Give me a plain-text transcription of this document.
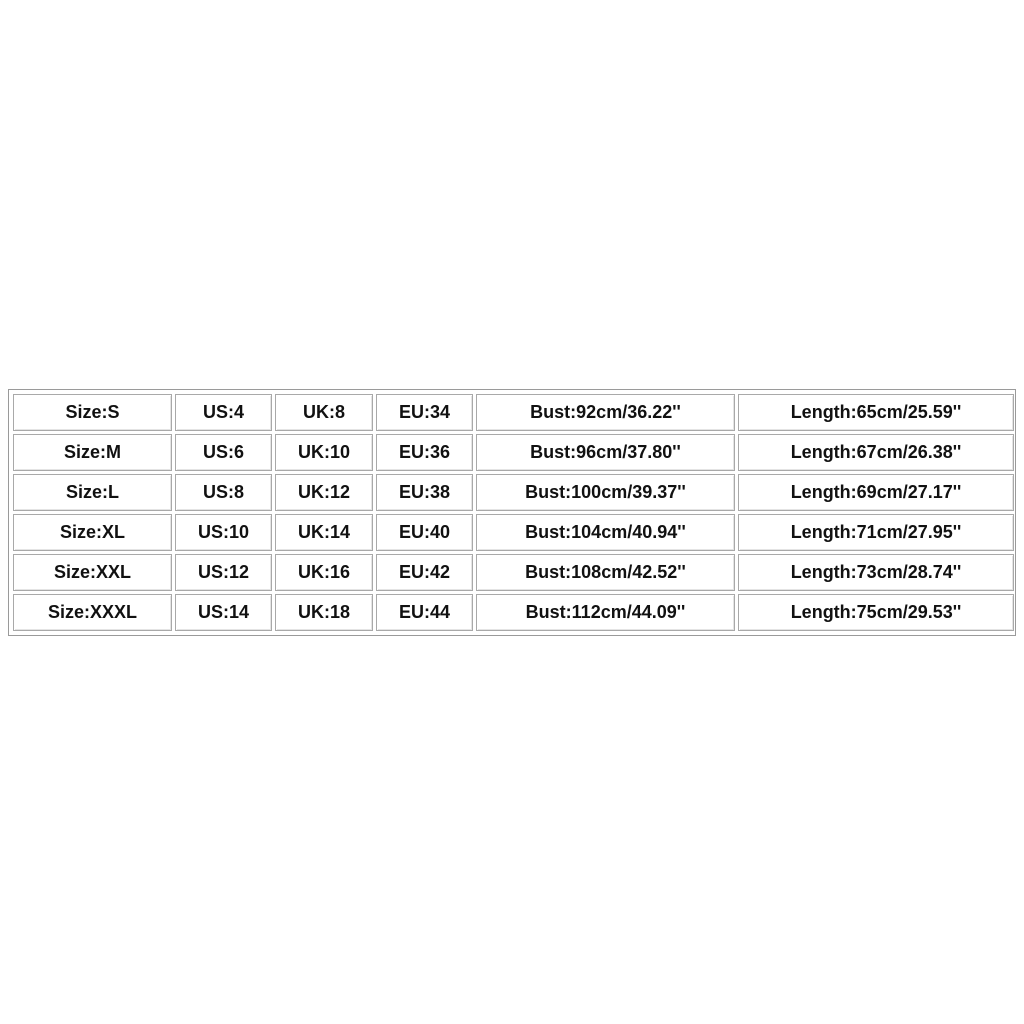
Size:S	US:4	UK:8	EU:34	Bust:92cm/36.22''	Length:65cm/25.59''
Size:M	US:6	UK:10	EU:36	Bust:96cm/37.80''	Length:67cm/26.38''
Size:L	US:8	UK:12	EU:38	Bust:100cm/39.37''	Length:69cm/27.17''
Size:XL	US:10	UK:14	EU:40	Bust:104cm/40.94''	Length:71cm/27.95''
Size:XXL	US:12	UK:16	EU:42	Bust:108cm/42.52''	Length:73cm/28.74''
Size:XXXL	US:14	UK:18	EU:44	Bust:112cm/44.09''	Length:75cm/29.53''
